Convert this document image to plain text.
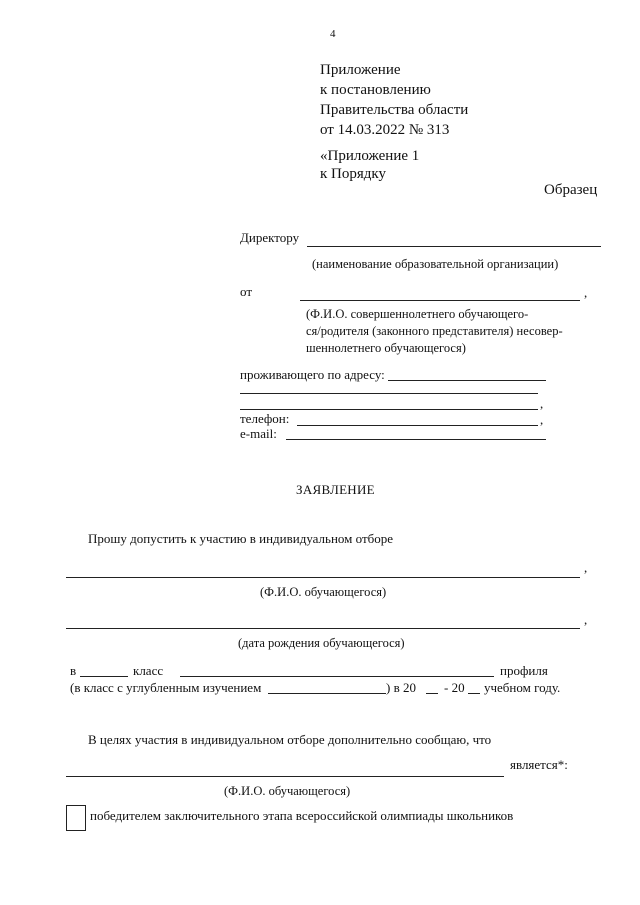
4
Приложение
к постановлению
Правительства области
от 14.03.2022 № 313
«Приложение 1
к Порядку
Образец
Директору
(наименование образовательной организации)
от	,
(Ф.И.О. совершеннолетнего обучающего-
ся/родителя (законного представителя) несовер-
шеннолетнего обучающегося)
проживающего по адресу:
,
телефон:	,
e-mail:
ЗАЯВЛЕНИЕ
Прошу допустить к участию в индивидуальном отборе
,
(Ф.И.О. обучающегося)
,
(дата рождения обучающегося)
в	класс	профиля
(в класс с углубленным изучением	) в 20 - 20 учебном году.
В целях участия в индивидуальном отборе дополнительно сообщаю, что
является*:
(Ф.И.О. обучающегося)
победителем заключительного этапа всероссийской олимпиады школьников
